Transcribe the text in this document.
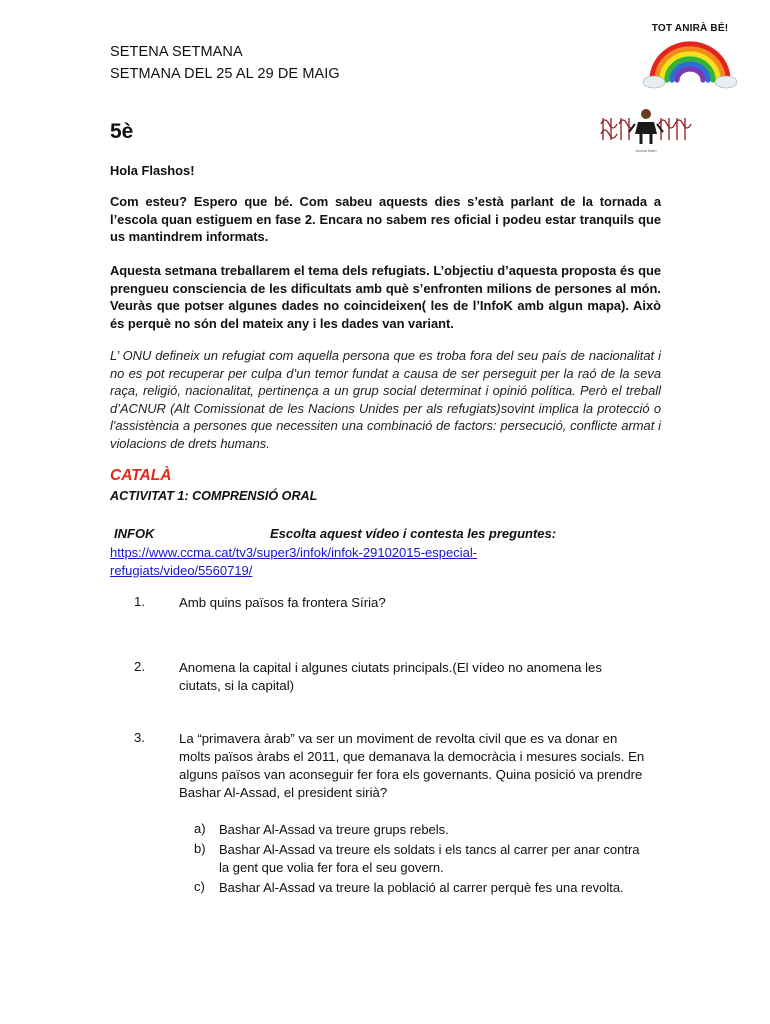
SETENA SETMANA
SETMANA DEL 25 AL 29 DE MAIG
TOT ANIRÀ BÉ!
5è
escola flash
Hola Flashos!
Com esteu? Espero que bé. Com sabeu aquests dies s’està parlant de la tornada a l’escola quan estiguem en fase 2. Encara no sabem res oficial i podeu estar tranquils que us mantindrem informats.
Aquesta setmana treballarem el tema dels refugiats. L’objectiu d’aquesta proposta és que prengueu consciencia de les dificultats amb què s’enfronten milions de persones al món. Veuràs que potser algunes dades no coincideixen( les de l’InfoK amb algun mapa). Això és perquè no són del mateix any i les dades van variant.
L’ ONU defineix un refugiat com aquella persona que es troba fora del seu país de nacionalitat i no es pot recuperar per culpa d’un temor fundat a causa de ser perseguit per la raó de la seva raça, religió, nacionalitat, pertinença a un grup social determinat i opinió política. Però el treball d’ACNUR (Alt Comissionat de les Nacions Unides per als refugiats)sovint implica la protecció o l'assistència a persones que necessiten una combinació de factors: persecució, conflicte armat i violacions de drets humans.
CATALÀ
ACTIVITAT 1: COMPRENSIÓ ORAL
INFOK	Escolta aquest vídeo i contesta les preguntes:
https://www.ccma.cat/tv3/super3/infok/infok-29102015-especial-refugiats/video/5560719/
1.	Amb quins països fa frontera Síria?
2.	Anomena la capital i algunes ciutats principals.(El vídeo no anomena les ciutats, si la capital)
3.	La “primavera àrab” va ser un moviment de revolta civil que es va donar en molts països àrabs el 2011, que demanava la democràcia i mesures socials. En alguns països van aconseguir fer fora els governants. Quina posició va prendre Bashar Al-Assad, el president sirià?
a) Bashar Al-Assad va treure grups rebels.
b) Bashar Al-Assad va treure els soldats i els tancs al carrer per anar contra la gent que volia fer fora el seu govern.
c) Bashar Al-Assad va treure la població al carrer perquè fes una revolta.
